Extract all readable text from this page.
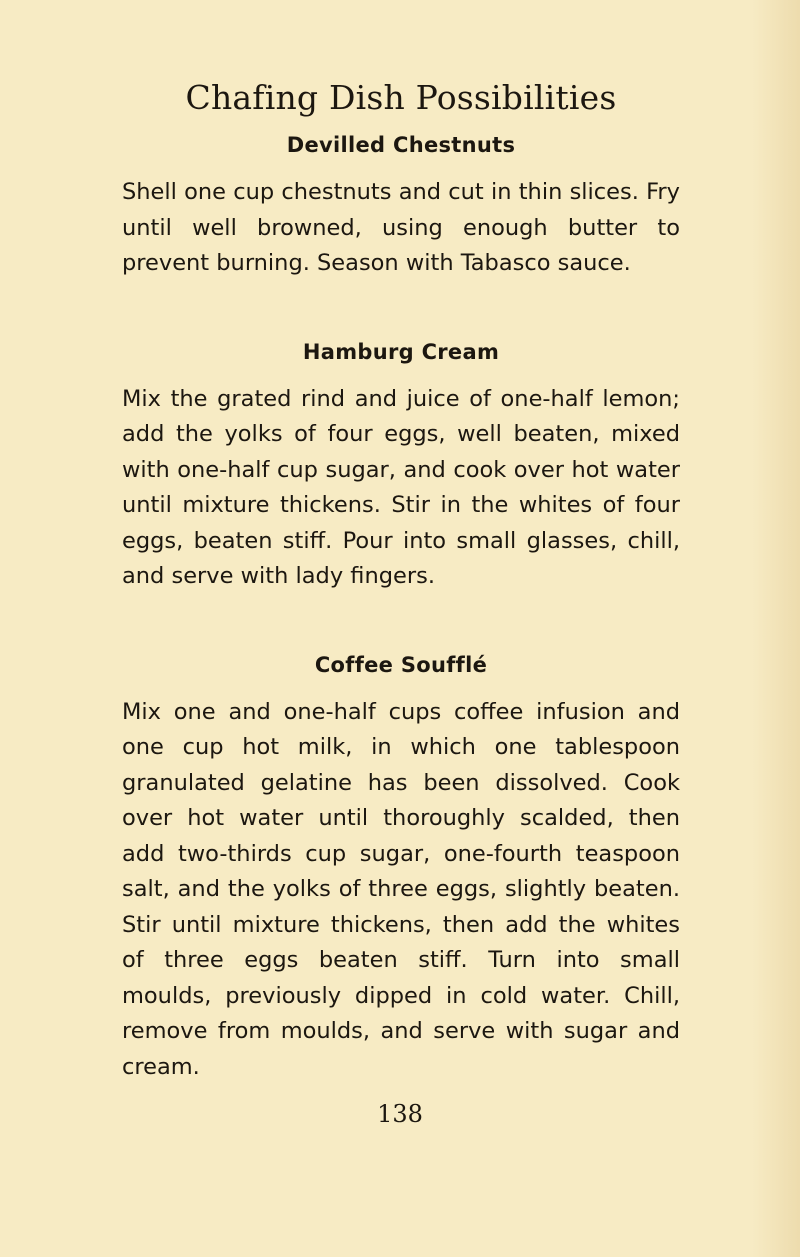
Chafing Dish Possibilities
Devilled Chestnuts

Shell one cup chestnuts and cut in thin slices. Fry until well browned, using enough butter to prevent burning. Season with Tabasco sauce.

Hamburg Cream

Mix the grated rind and juice of one-half lemon; add the yolks of four eggs, well beaten, mixed with one-half cup sugar, and cook over hot water until mixture thickens. Stir in the whites of four eggs, beaten stiff. Pour into small glasses, chill, and serve with lady fingers.

Coffee Soufflé

Mix one and one-half cups coffee infusion and one cup hot milk, in which one tablespoon granulated gelatine has been dissolved. Cook over hot water until thoroughly scalded, then add two-thirds cup sugar, one-fourth teaspoon salt, and the yolks of three eggs, slightly beaten. Stir until mixture thickens, then add the whites of three eggs beaten stiff. Turn into small moulds, previously dipped in cold water. Chill, remove from moulds, and serve with sugar and cream.

138
